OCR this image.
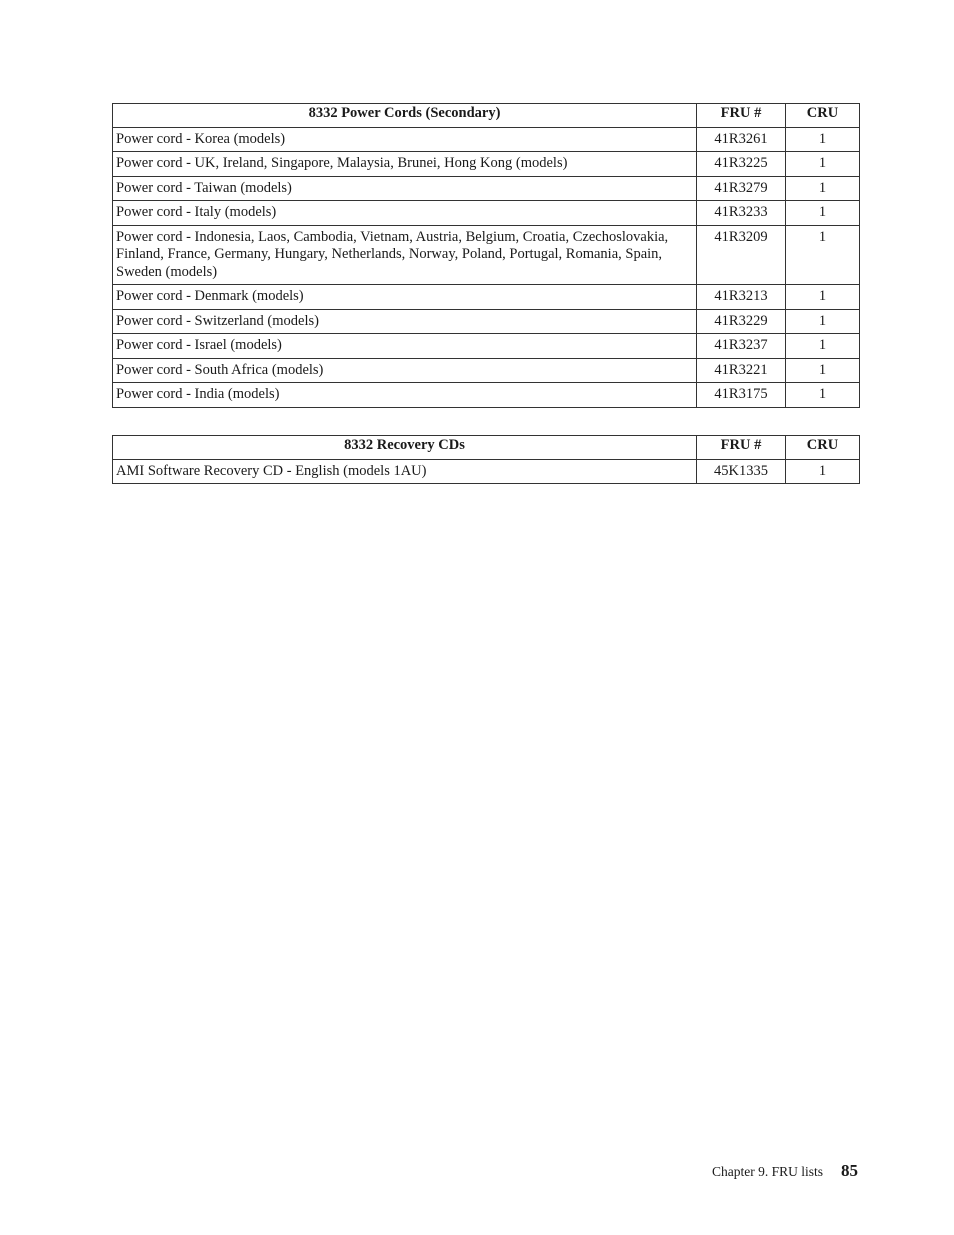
8332 Power Cords (Secondary)	FRU #	CRU
Power cord - Korea (models)	41R3261	1
Power cord - UK, Ireland, Singapore, Malaysia, Brunei, Hong Kong (models)	41R3225	1
Power cord - Taiwan (models)	41R3279	1
Power cord - Italy (models)	41R3233	1
Power cord - Indonesia, Laos, Cambodia, Vietnam, Austria, Belgium, Croatia, Czechoslovakia, Finland, France, Germany, Hungary, Netherlands, Norway, Poland, Portugal, Romania, Spain, Sweden (models)	41R3209	1
Power cord - Denmark (models)	41R3213	1
Power cord - Switzerland (models)	41R3229	1
Power cord - Israel (models)	41R3237	1
Power cord - South Africa (models)	41R3221	1
Power cord - India (models)	41R3175	1
8332 Recovery CDs	FRU #	CRU
AMI Software Recovery CD - English (models 1AU)	45K1335	1
Chapter 9. FRU lists 85
